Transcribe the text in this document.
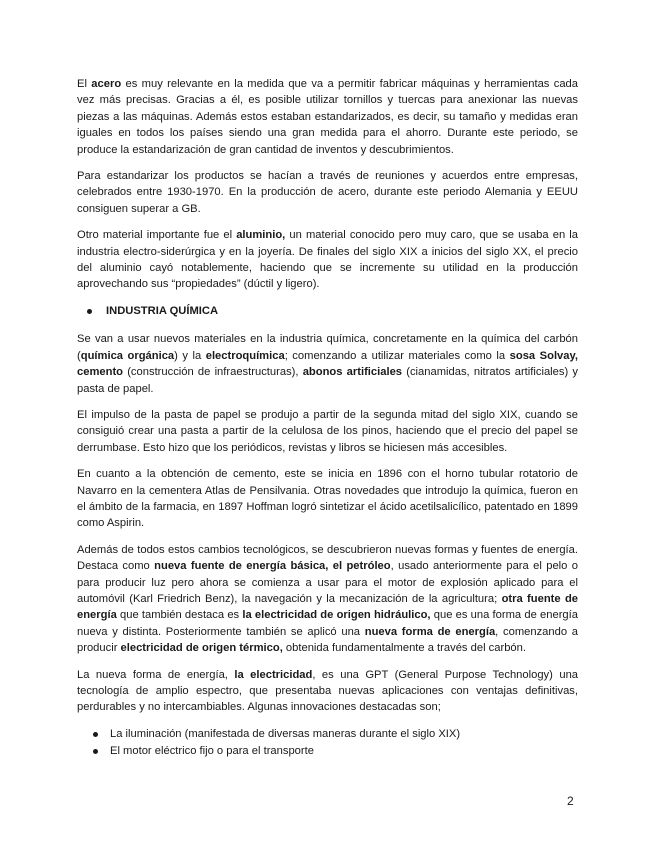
El acero es muy relevante en la medida que va a permitir fabricar máquinas y herramientas cada vez más precisas. Gracias a él, es posible utilizar tornillos y tuercas para anexionar las nuevas piezas a las máquinas. Además estos estaban estandarizados, es decir, su tamaño y medidas eran iguales en todos los países siendo una gran medida para el ahorro. Durante este periodo, se produce la estandarización de gran cantidad de inventos y descubrimientos.

Para estandarizar los productos se hacían a través de reuniones y acuerdos entre empresas, celebrados entre 1930-1970. En la producción de acero, durante este periodo Alemania y EEUU consiguen superar a GB.

Otro material importante fue el aluminio, un material conocido pero muy caro, que se usaba en la industria electro-siderúrgica y en la joyería. De finales del siglo XIX a inicios del siglo XX, el precio del aluminio cayó notablemente, haciendo que se incremente su utilidad en la producción aprovechando sus “propiedades” (dúctil y ligero).

INDUSTRIA QUÍMICA

Se van a usar nuevos materiales en la industria química, concretamente en la química del carbón (química orgánica) y la electroquímica; comenzando a utilizar materiales como la sosa Solvay, cemento (construcción de infraestructuras), abonos artificiales (cianamidas, nitratos artificiales) y pasta de papel.

El impulso de la pasta de papel se produjo a partir de la segunda mitad del siglo XIX, cuando se consiguió crear una pasta a partir de la celulosa de los pinos, haciendo que el precio del papel se derrumbase. Esto hizo que los periódicos, revistas y libros se hiciesen más accesibles.

En cuanto a la obtención de cemento, este se inicia en 1896 con el horno tubular rotatorio de Navarro en la cementera Atlas de Pensilvania. Otras novedades que introdujo la química, fueron en el ámbito de la farmacia, en 1897 Hoffman logró sintetizar el ácido acetilsalicílico, patentado en 1899 como Aspirin.

Además de todos estos cambios tecnológicos, se descubrieron nuevas formas y fuentes de energía. Destaca como nueva fuente de energía básica, el petróleo, usado anteriormente para el pelo o para producir luz pero ahora se comienza a usar para el motor de explosión aplicado para el automóvil (Karl Friedrich Benz), la navegación y la mecanización de la agricultura; otra fuente de energía que también destaca es la electricidad de origen hidráulico, que es una forma de energía nueva y distinta. Posteriormente también se aplicó una nueva forma de energía, comenzando a producir electricidad de origen térmico, obtenida fundamentalmente a través del carbón.

La nueva forma de energía, la electricidad, es una GPT (General Purpose Technology) una tecnología de amplio espectro, que presentaba nuevas aplicaciones con ventajas definitivas, perdurables y no intercambiables. Algunas innovaciones destacadas son;

La iluminación (manifestada de diversas maneras durante el siglo XIX)
El motor eléctrico fijo o para el transporte
2
